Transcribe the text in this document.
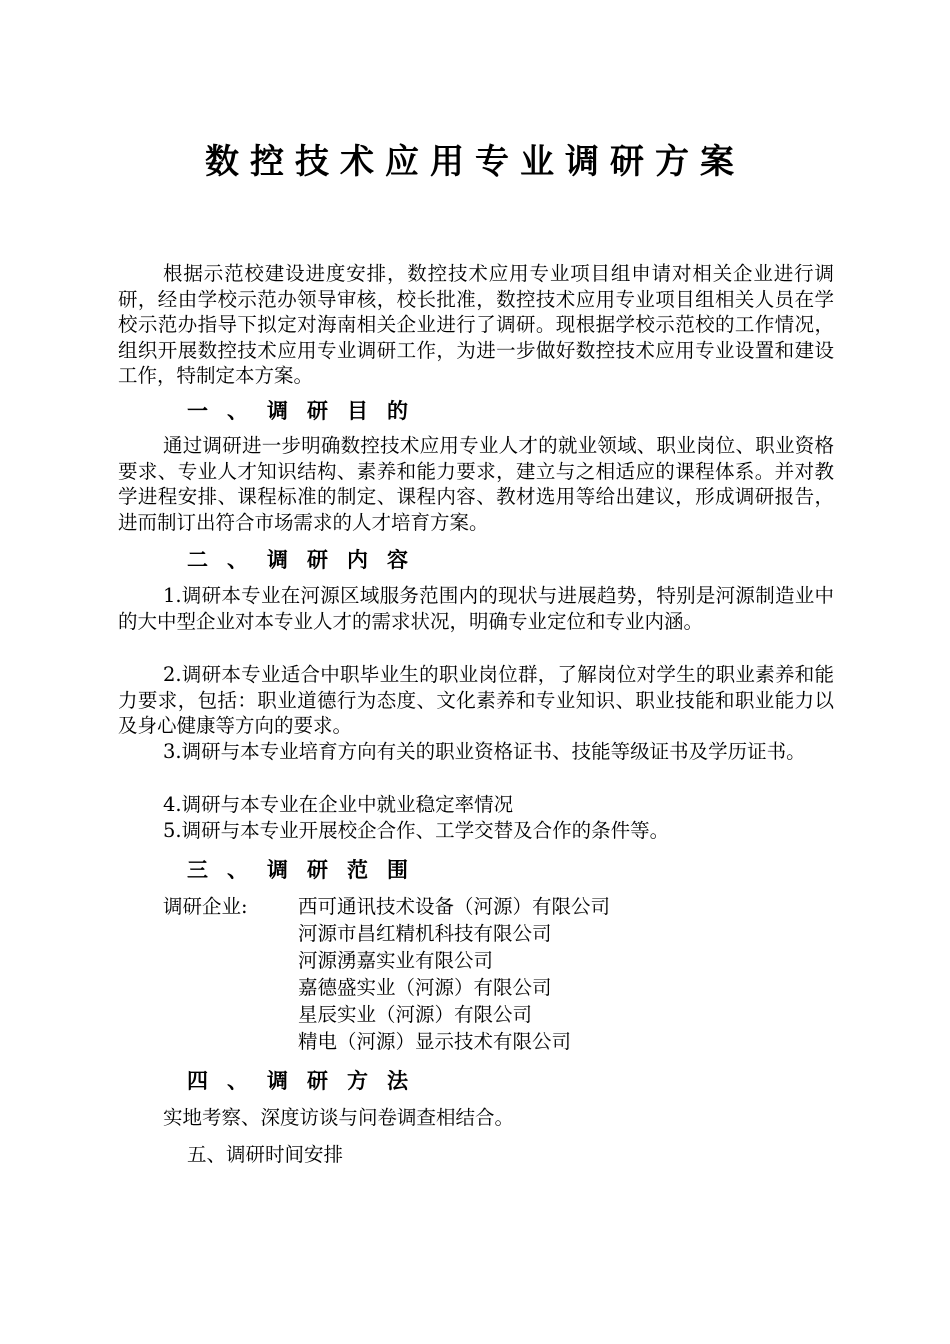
数控技术应用专业调研方案

根据示范校建设进度安排，数控技术应用专业项目组申请对相关企业进行调研，经由学校示范办领导审核，校长批准，数控技术应用专业项目组相关人员在学校示范办指导下拟定对海南相关企业进行了调研。现根据学校示范校的工作情况，组织开展数控技术应用专业调研工作，为进一步做好数控技术应用专业设置和建设工作，特制定本方案。

一、调研目的

通过调研进一步明确数控技术应用专业人才的就业领域、职业岗位、职业资格要求、专业人才知识结构、素养和能力要求，建立与之相适应的课程体系。并对教学进程安排、课程标准的制定、课程内容、教材选用等给出建议，形成调研报告，进而制订出符合市场需求的人才培育方案。

二、调研内容

1.调研本专业在河源区域服务范围内的现状与进展趋势，特别是河源制造业中的大中型企业对本专业人才的需求状况，明确专业定位和专业内涵。

2.调研本专业适合中职毕业生的职业岗位群，了解岗位对学生的职业素养和能力要求，包括：职业道德行为态度、文化素养和专业知识、职业技能和职业能力以及身心健康等方向的要求。

3.调研与本专业培育方向有关的职业资格证书、技能等级证书及学历证书。

4.调研与本专业在企业中就业稳定率情况

5.调研与本专业开展校企合作、工学交替及合作的条件等。

三、调研范围

调研企业:	西可通讯技术设备（河源）有限公司

河源市昌红精机科技有限公司

河源湧嘉实业有限公司

嘉德盛实业（河源）有限公司

星辰实业（河源）有限公司

精电（河源）显示技术有限公司

四、调研方法

实地考察、深度访谈与问卷调查相结合。

五、调研时间安排
